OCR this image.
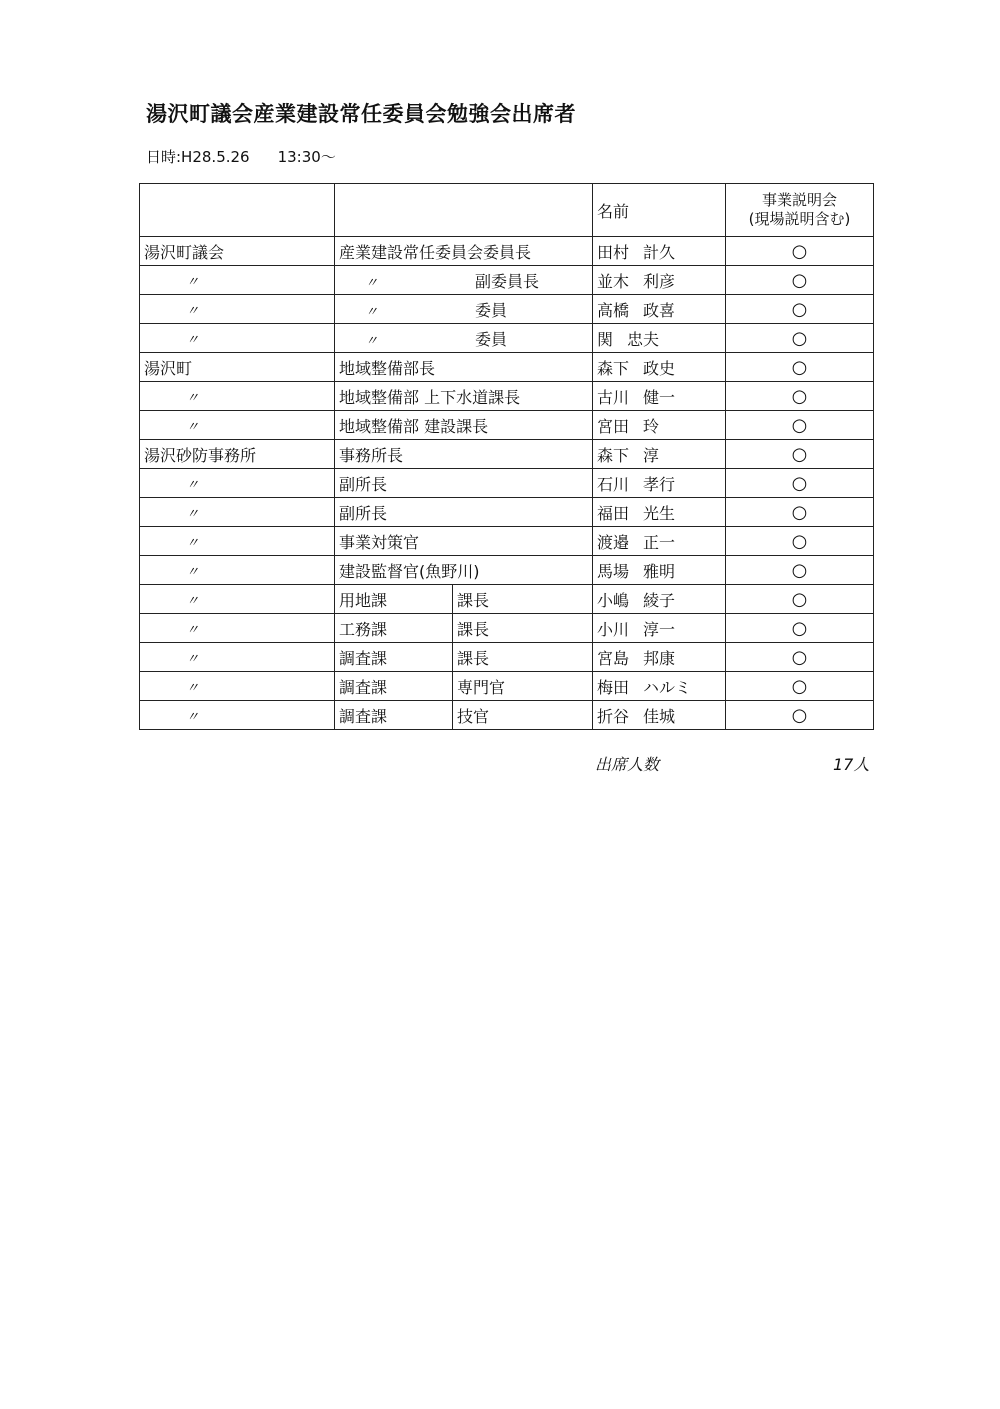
湯沢町議会産業建設常任委員会勉強会出席者
日時:H28.5.26 13:30〜
			名前	事業説明会
(現場説明含む)

湯沢町議会	産業建設常任委員会委員長		田村 計久	○
〃	〃 副委員長		並木 利彦	○
〃	〃 委員		高橋 政喜	○
〃	〃 委員		関 忠夫	○
湯沢町	地域整備部長		森下 政史	○
〃	地域整備部 上下水道課長		古川 健一	○
〃	地域整備部 建設課長		宮田 玲	○
湯沢砂防事務所	事務所長		森下 淳	○
〃	副所長		石川 孝行	○
〃	副所長		福田 光生	○
〃	事業対策官		渡邉 正一	○
〃	建設監督官(魚野川)		馬場 雅明	○
〃	用地課	課長	小嶋 綾子	○
〃	工務課	課長	小川 淳一	○
〃	調査課	課長	宮島 邦康	○
〃	調査課	専門官	梅田 ハルミ	○
〃	調査課	技官	折谷 佳城	○
出席人数	17人
